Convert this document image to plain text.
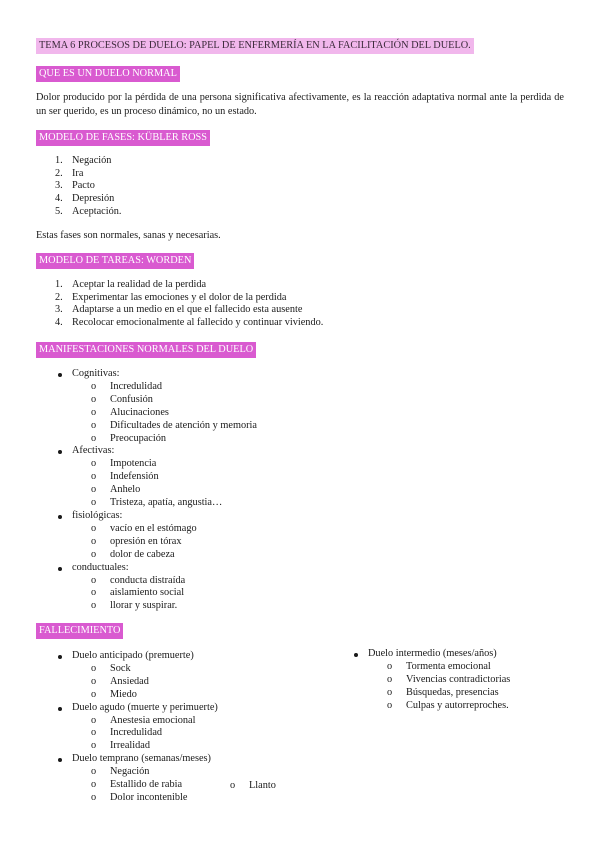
TEMA 6 PROCESOS DE DUELO: PAPEL DE ENFERMERÍA EN LA FACILITACIÓN DEL DUELO.
QUE ES UN DUELO NORMAL
Dolor producido por la pérdida de una persona significativa afectivamente, es la reacción adaptativa normal ante la perdida de un ser querido, es un proceso dinámico, no un estado.
MODELO DE FASES: KÜBLER ROSS
1. Negación
2. Ira
3. Pacto
4. Depresión
5. Aceptación.
Estas fases son normales, sanas y necesarias.
MODELO DE TAREAS: WORDEN
1. Aceptar la realidad de la perdida
2. Experimentar las emociones y el dolor de la perdida
3. Adaptarse a un medio en el que el fallecido esta ausente
4. Recolocar emocionalmente al fallecido y continuar viviendo.
MANIFESTACIONES NORMALES DEL DUELO
Cognitivas:
o Incredulidad
o Confusión
o Alucinaciones
o Dificultades de atención y memoria
o Preocupación
Afectivas:
o Impotencia
o Indefensión
o Anhelo
o Tristeza, apatía, angustia…
fisiológicas:
o vacío en el estómago
o opresión en tórax
o dolor de cabeza
conductuales:
o conducta distraída
o aislamiento social
o llorar y suspirar.
FALLECIMIENTO
Duelo anticipado (premuerte)
o Sock
o Ansiedad
o Miedo
Duelo agudo (muerte y perimuerte)
o Anestesia emocional
o Incredulidad
o Irrealidad
Duelo temprano (semanas/meses)
o Negación
o Estallido de rabia
o Dolor incontenible
o Llanto
Duelo intermedio (meses/años)
o Tormenta emocional
o Vivencias contradictorias
o Búsquedas, presencias
o Culpas y autorreproches.
